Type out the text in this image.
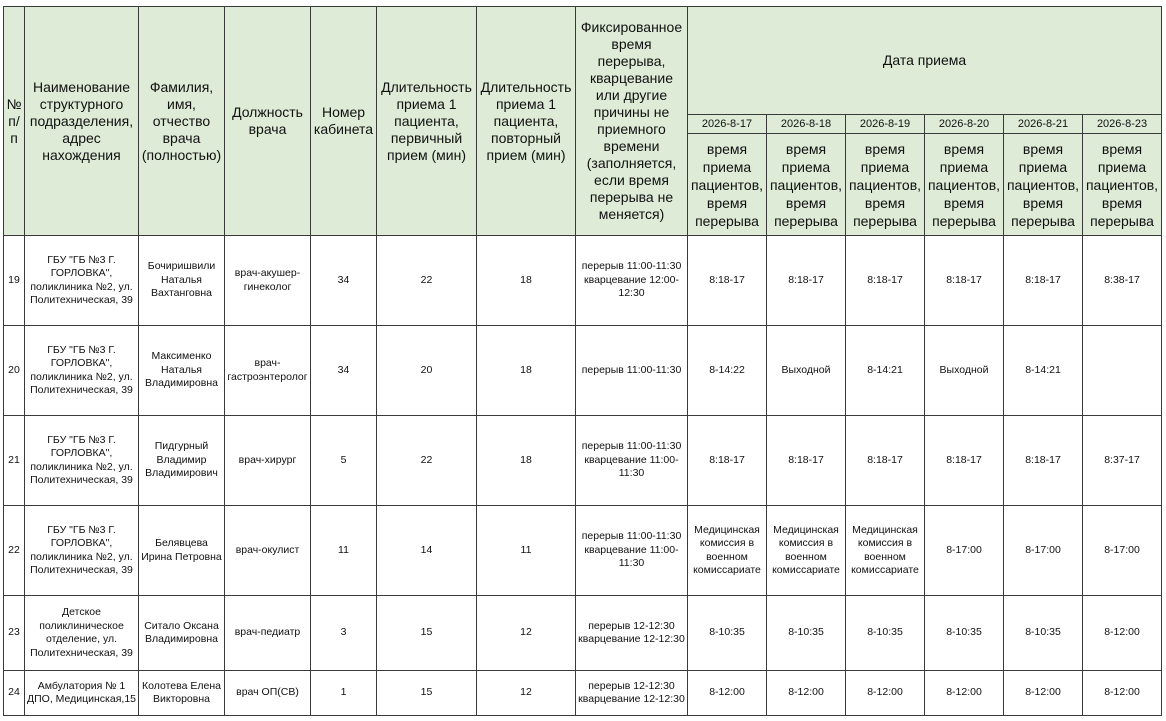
№ п/п	Наименование структурного подразделения, адрес нахождения	Фамилия, имя, отчество врача (полностью)	Должность врача	Номер кабинета	Длительность приема 1 пациента, первичный прием (мин)	Длительность приема 1 пациента, повторный прием (мин)	Фиксированное время перерыва, кварцевание или другие причины не приемного времени (заполняется, если время перерыва не меняется)	Дата приема					
								2026-8-17	2026-8-18	2026-8-19	2026-8-20	2026-8-21	2026-8-23
								время приема пациентов, время перерыва	время приема пациентов, время перерыва	время приема пациентов, время перерыва	время приема пациентов, время перерыва	время приема пациентов, время перерыва	время приема пациентов, время перерыва
19	ГБУ "ГБ №3 Г. ГОРЛОВКА", поликлиника №2, ул. Политехническая, 39	Бочиришвили Наталья Вахтанговна	врач-акушер-гинеколог	34	22	18	перерыв 11:00-11:30 кварцевание 12:00-12:30	8:18-17	8:18-17	8:18-17	8:18-17	8:18-17	8:38-17
20	ГБУ "ГБ №3 Г. ГОРЛОВКА", поликлиника №2, ул. Политехническая, 39	Максименко Наталья Владимировна	врач-гастроэнтеролог	34	20	18	перерыв 11:00-11:30	8-14:22	Выходной	8-14:21	Выходной	8-14:21	
21	ГБУ "ГБ №3 Г. ГОРЛОВКА", поликлиника №2, ул. Политехническая, 39	Пидгурный Владимир Владимирович	врач-хирург	5	22	18	перерыв 11:00-11:30 кварцевание 11:00-11:30	8:18-17	8:18-17	8:18-17	8:18-17	8:18-17	8:37-17
22	ГБУ "ГБ №3 Г. ГОРЛОВКА", поликлиника №2, ул. Политехническая, 39	Белявцева Ирина Петровна	врач-окулист	11	14	11	перерыв 11:00-11:30 кварцевание 11:00-11:30	Медицинская комиссия в военном комиссариате	Медицинская комиссия в военном комиссариате	Медицинская комиссия в военном комиссариате	8-17:00	8-17:00	8-17:00
23	Детское поликлиническое отделение, ул. Политехническая, 39	Ситало Оксана Владимировна	врач-педиатр	3	15	12	перерыв 12-12:30 кварцевание 12-12:30	8-10:35	8-10:35	8-10:35	8-10:35	8-10:35	8-12:00
24	Амбулатория № 1 ДПО, Медицинская,15	Колотева Елена Викторовна	врач ОП(СВ)	1	15	12	перерыв 12-12:30 кварцевание 12-12:30	8-12:00	8-12:00	8-12:00	8-12:00	8-12:00	8-12:00
